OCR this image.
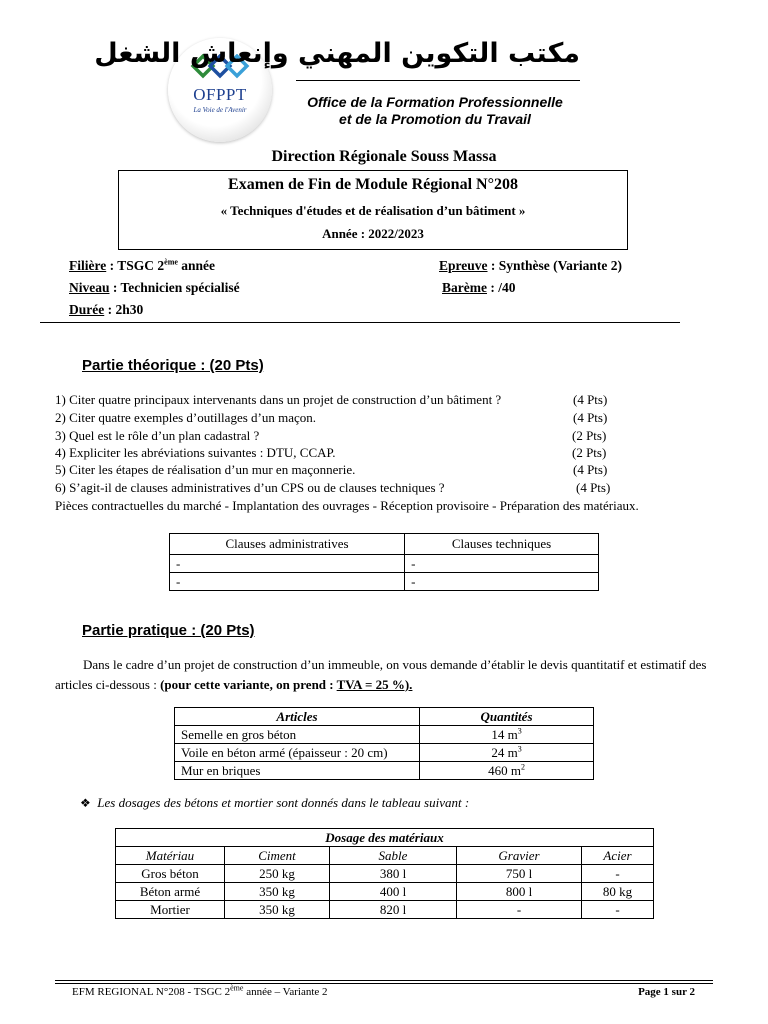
OFPPT
La Voie de l'Avenir
مكتب التكوين المهني وإنعاش الشغل
Office de la Formation Professionnelle
et de la Promotion du Travail
Direction Régionale Souss Massa
Examen de Fin de Module Régional N°208
« Techniques d'études et de réalisation d’un bâtiment »
Année : 2022/2023
Filière : TSGC 2ème année
Niveau : Technicien spécialisé
Durée : 2h30
Epreuve : Synthèse (Variante 2)
Barème : /40
Partie théorique : (20 Pts)
1) Citer quatre principaux intervenants dans un projet de construction d’un bâtiment ?	(4 Pts)
2) Citer quatre exemples d’outillages d’un maçon.	(4 Pts)
3) Quel est le rôle d’un plan cadastral ?	(2 Pts)
4) Expliciter les abréviations suivantes : DTU, CCAP.	(2 Pts)
5) Citer les étapes de réalisation d’un mur en maçonnerie.	(4 Pts)
6) S’agit-il de clauses administratives d’un CPS ou de clauses techniques ?	(4 Pts)
Pièces contractuelles du marché - Implantation des ouvrages - Réception provisoire - Préparation des matériaux.
Clauses administratives	Clauses techniques
-	-
-	-
Partie pratique : (20 Pts)
Dans le cadre d’un projet de construction d’un immeuble, on vous demande d’établir le devis quantitatif et estimatif des articles ci-dessous : (pour cette variante, on prend : TVA = 25 %).
Articles	Quantités
Semelle en gros béton	14 $m^3$
Voile en béton armé (épaisseur : 20 cm)	24 $m^3$
Mur en briques	460 $m^2$
❖ Les dosages des bétons et mortier sont donnés dans le tableau suivant :
Dosage des matériaux				
Matériau	Ciment	Sable	Gravier	Acier
Gros béton	250 kg	380 l	750 l	-
Béton armé	350 kg	400 l	800 l	80 kg
Mortier	350 kg	820 l	-	-
EFM REGIONAL N°208 - TSGC 2ème année – Variante 2	Page 1 sur 2
